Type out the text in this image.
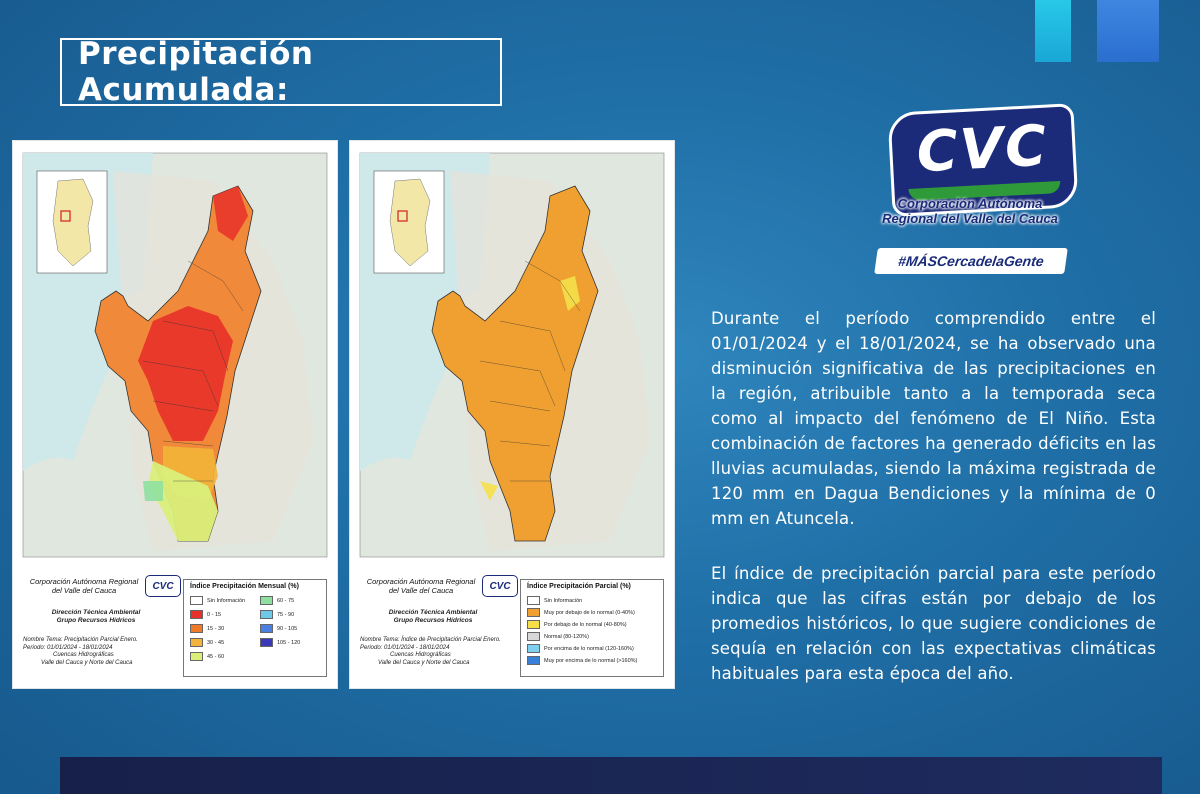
Precipitación Acumulada:
Corporación Autónoma Regional del Valle del Cauca	CVC
Dirección Técnica Ambiental
Grupo Recursos Hídricos
Nombre Tema: Precipitación Parcial Enero.
Periodo: 01/01/2024 - 18/01/2024
Cuencas Hidrográficas
Valle del Cauca y Norte del Cauca
Índice Precipitación Mensual (%)
Sin Información
0 - 15
15 - 30
30 - 45
45 - 60
60 - 75
75 - 90
90 - 105
105 - 120
Corporación Autónoma Regional del Valle del Cauca	CVC
Dirección Técnica Ambiental
Grupo Recursos Hídricos
Nombre Tema: Índice de Precipitación Parcial Enero.
Periodo: 01/01/2024 - 18/01/2024
Cuencas Hidrográficas
Valle del Cauca y Norte del Cauca
Índice Precipitación Parcial (%)
Sin Información
Muy por debajo de lo normal (0-40%)
Por debajo de lo normal (40-80%)
Normal (80-120%)
Por encima de lo normal (120-160%)
Muy por encima de lo normal (>160%)
CVC
Corporación Autónoma
Regional del Valle del Cauca
#MÁSCercadelaGente
Durante el período comprendido entre el 01/01/2024 y el 18/01/2024, se ha observado una disminución significativa de las precipitaciones en la región, atribuible tanto a la temporada seca como al impacto del fenómeno de El Niño. Esta combinación de factores ha generado déficits en las lluvias acumuladas, siendo la máxima registrada de 120 mm en Dagua Bendiciones y la mínima de 0 mm en Atuncela.
El índice de precipitación parcial para este período indica que las cifras están por debajo de los promedios históricos, lo que sugiere condiciones de sequía en relación con las expectativas climáticas habituales para esta época del año.
